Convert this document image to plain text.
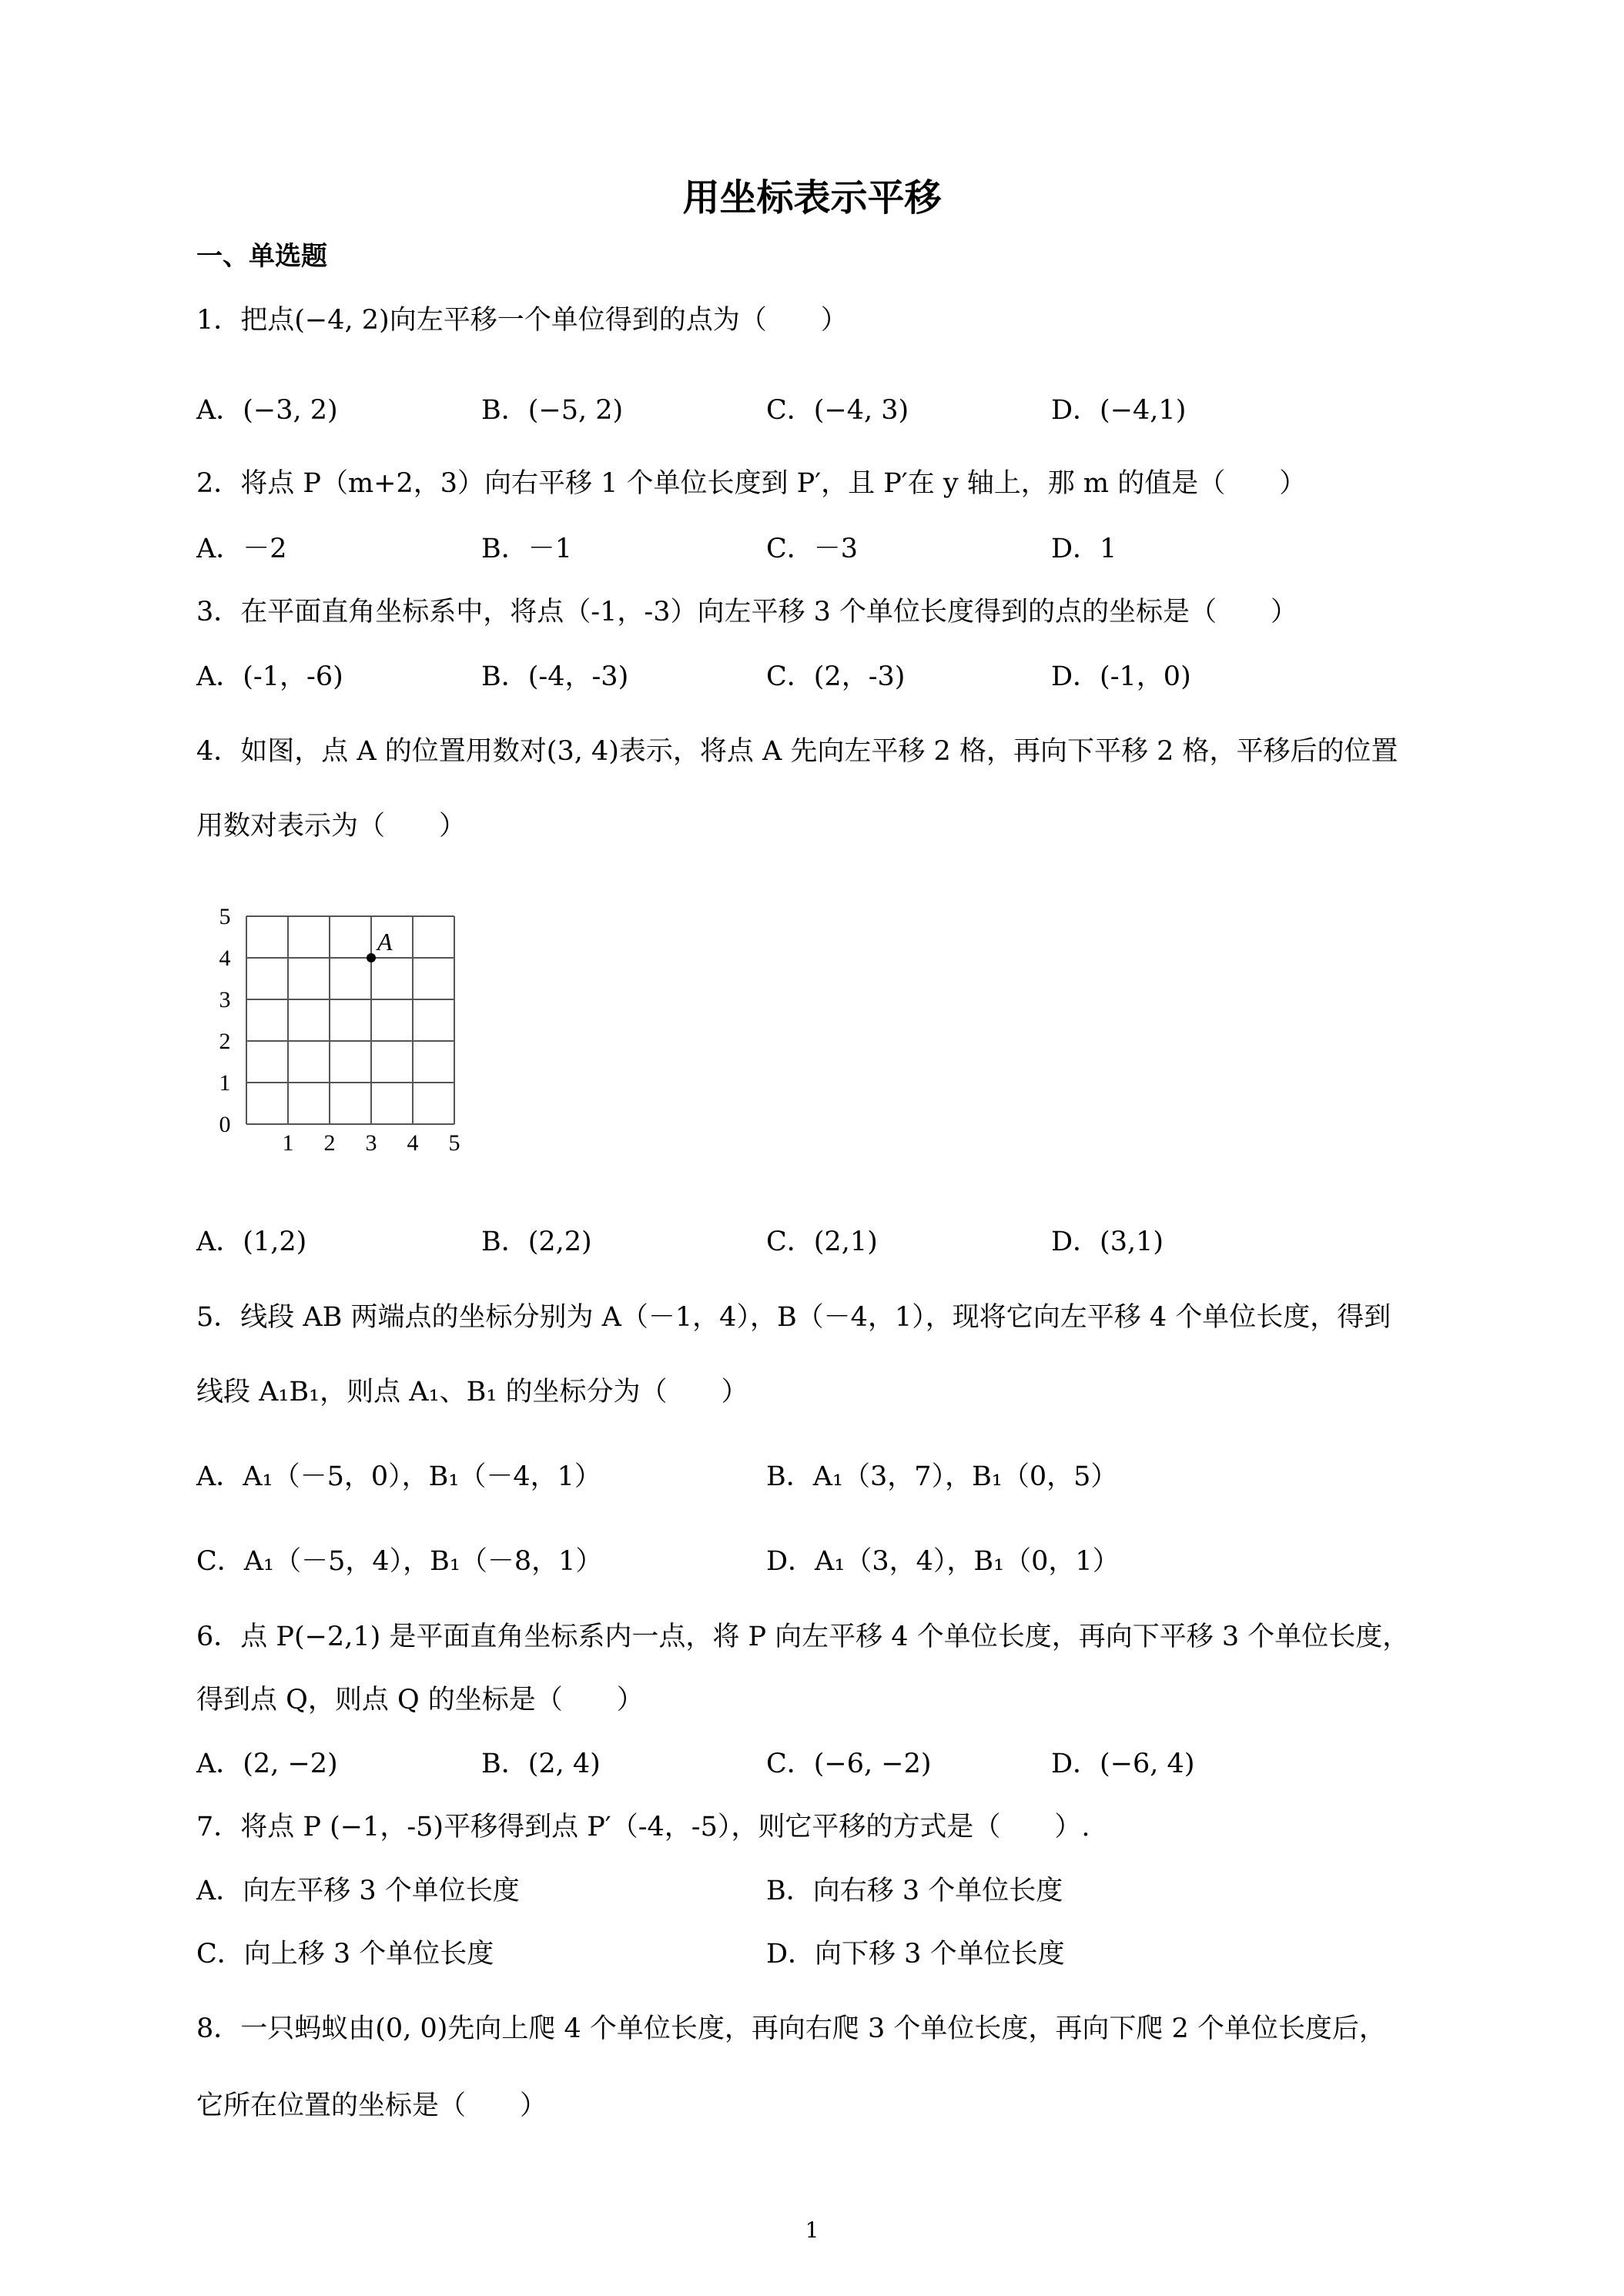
用坐标表示平移
一、单选题
1．把点(−4, 2)向左平移一个单位得到的点为（　　）
A．(−3, 2)	B．(−5, 2)	C．(−4, 3)	D．(−4,1)
2．将点 P（m+2，3）向右平移 1 个单位长度到 P′，且 P′在 y 轴上，那 m 的值是（　　）
A．－2	B．－1	C．－3	D．1
3．在平面直角坐标系中，将点（-1，-3）向左平移 3 个单位长度得到的点的坐标是（　　）
A．(-1，-6)	B．(-4，-3)	C．(2，-3)	D．(-1，0)
4．如图，点 A 的位置用数对(3, 4)表示，将点 A 先向左平移 2 格，再向下平移 2 格，平移后的位置
用数对表示为（　　）
0
1
2
3
4
5
1 2 3 4 5
A
A．(1,2)	B．(2,2)	C．(2,1)	D．(3,1)
5．线段 AB 两端点的坐标分别为 A（－1，4），B（－4，1），现将它向左平移 4 个单位长度，得到
线段 A₁B₁，则点 A₁、B₁ 的坐标分为（　　）
A．A₁（－5，0），B₁（－4，1）	B．A₁（3，7），B₁（0，5）
C．A₁（－5，4），B₁（－8，1）	D．A₁（3，4），B₁（0，1）
6．点 P(−2,1) 是平面直角坐标系内一点，将 P 向左平移 4 个单位长度，再向下平移 3 个单位长度，
得到点 Q，则点 Q 的坐标是（　　）
A．(2, −2)	B．(2, 4)	C．(−6, −2)	D．(−6, 4)
7．将点 P (−1，-5)平移得到点 P′（-4，-5），则它平移的方式是（　　）.
A．向左平移 3 个单位长度	B．向右移 3 个单位长度
C．向上移 3 个单位长度	D．向下移 3 个单位长度
8．一只蚂蚁由(0, 0)先向上爬 4 个单位长度，再向右爬 3 个单位长度，再向下爬 2 个单位长度后，
它所在位置的坐标是（　　）
1
